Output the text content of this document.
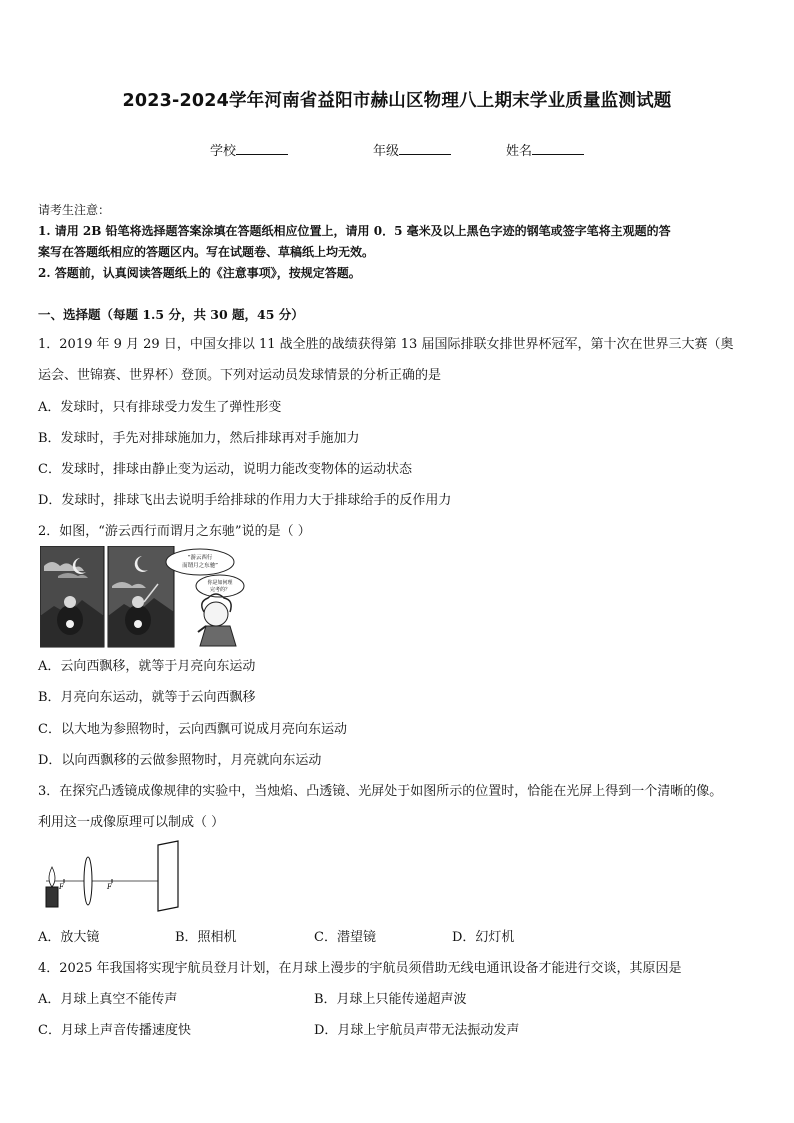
2023-2024学年河南省益阳市赫山区物理八上期末学业质量监测试题
学校	年级	姓名
请考生注意：
1. 请用 2B 铅笔将选择题答案涂填在答题纸相应位置上，请用 0．5 毫米及以上黑色字迹的钢笔或签字笔将主观题的答
案写在答题纸相应的答题区内。写在试题卷、草稿纸上均无效。
2. 答题前，认真阅读答题纸上的《注意事项》，按规定答题。
一、选择题（每题 1.5 分，共 30 题，45 分）
1．2019 年 9 月 29 日，中国女排以 11 战全胜的战绩获得第 13 届国际排联女排世界杯冠军，第十次在世界三大赛（奥
运会、世锦赛、世界杯）登顶。下列对运动员发球情景的分析正确的是
A．发球时，只有排球受力发生了弹性形变
B．发球时，手先对排球施加力，然后排球再对手施加力
C．发球时，排球由静止变为运动，说明力能改变物体的运动状态
D．发球时，排球飞出去说明手给排球的作用力大于排球给手的反作用力
2．如图，“游云西行而谓月之东驰”说的是（ ）
“游云西行
而谓月之东驰”
你是如何理
完考的？
A．云向西飘移，就等于月亮向东运动
B．月亮向东运动，就等于云向西飘移
C．以大地为参照物时，云向西飘可说成月亮向东运动
D．以向西飘移的云做参照物时，月亮就向东运动
3．在探究凸透镜成像规律的实验中，当烛焰、凸透镜、光屏处于如图所示的位置时，恰能在光屏上得到一个清晰的像。
利用这一成像原理可以制成（ ）
F
F
A．放大镜	B．照相机	C．潜望镜	D．幻灯机
4．2025 年我国将实现宇航员登月计划，在月球上漫步的宇航员须借助无线电通讯设备才能进行交谈，其原因是
A．月球上真空不能传声	B．月球上只能传递超声波
C．月球上声音传播速度快	D．月球上宇航员声带无法振动发声
